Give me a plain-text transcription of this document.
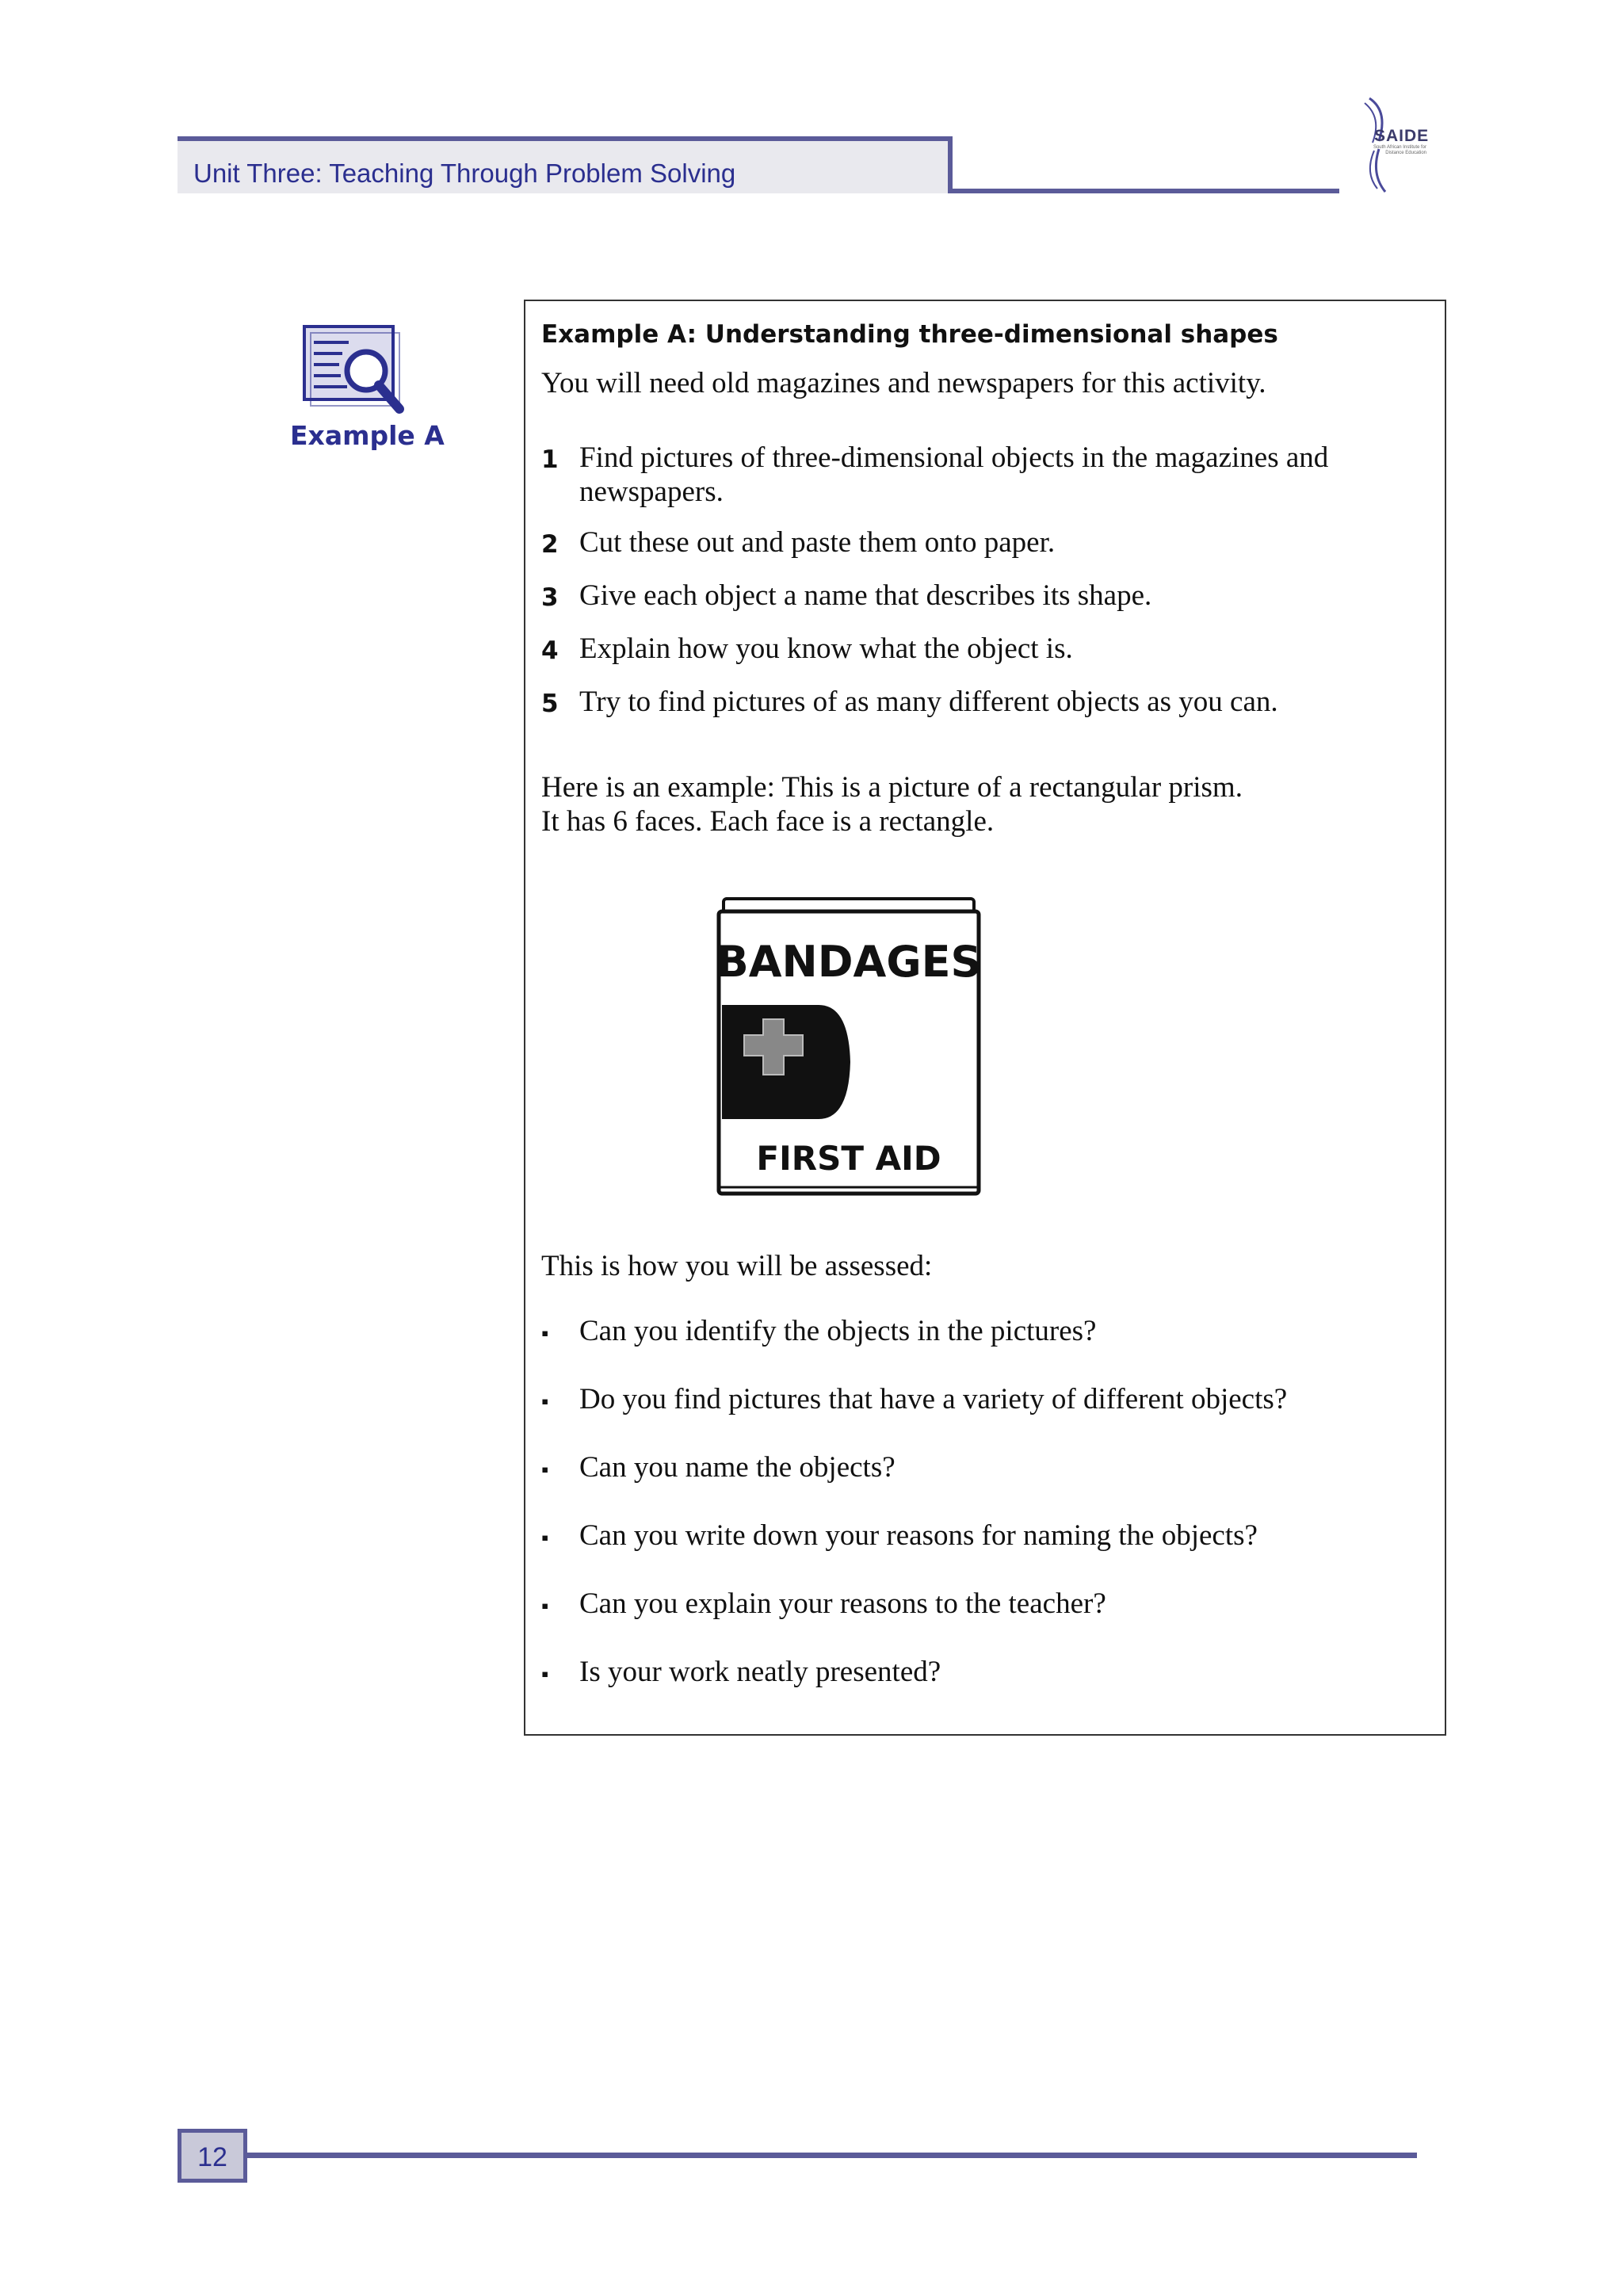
Unit Three: Teaching Through Problem Solving
SAIDE
South African Institute for Distance Education
Example A
Example A: Understanding three-dimensional shapes
You will need old magazines and newspapers for this activity.
1 Find pictures of three-dimensional objects in the magazines and newspapers.
2 Cut these out and paste them onto paper.
3 Give each object a name that describes its shape.
4 Explain how you know what the object is.
5 Try to find pictures of as many different objects as you can.
Here is an example: This is a picture of a rectangular prism.
It has 6 faces. Each face is a rectangle.
BANDAGES
FIRST AID
This is how you will be assessed:
▪	Can you identify the objects in the pictures?
▪	Do you find pictures that have a variety of different objects?
▪	Can you name the objects?
▪	Can you write down your reasons for naming the objects?
▪	Can you explain your reasons to the teacher?
▪	Is your work neatly presented?
12
